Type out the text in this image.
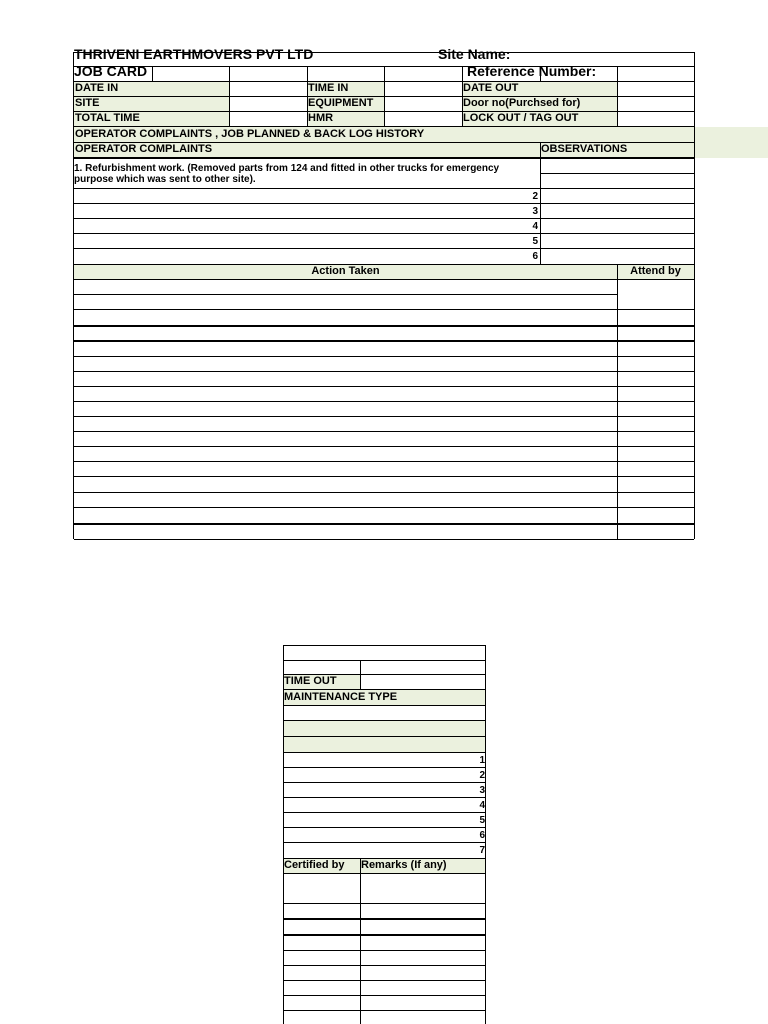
THRIVENI EARTHMOVERS PVT LTD	Site Name:
JOB CARD	Reference Number:
DATE IN	TIME IN	DATE OUT
SITE	EQUIPMENT	Door no(Purchsed for)
TOTAL TIME	HMR	LOCK OUT / TAG OUT
OPERATOR COMPLAINTS , JOB PLANNED & BACK LOG HISTORY
OPERATOR COMPLAINTS	OBSERVATIONS
1. Refurbishment work. (Removed parts from 124 and fitted in other trucks for emergency purpose which was sent to other site).
2
3
4
5
6
Action Taken	Attend by
TIME OUT
MAINTENANCE TYPE
1
2
3
4
5
6
7
Certified by	Remarks (If any)
